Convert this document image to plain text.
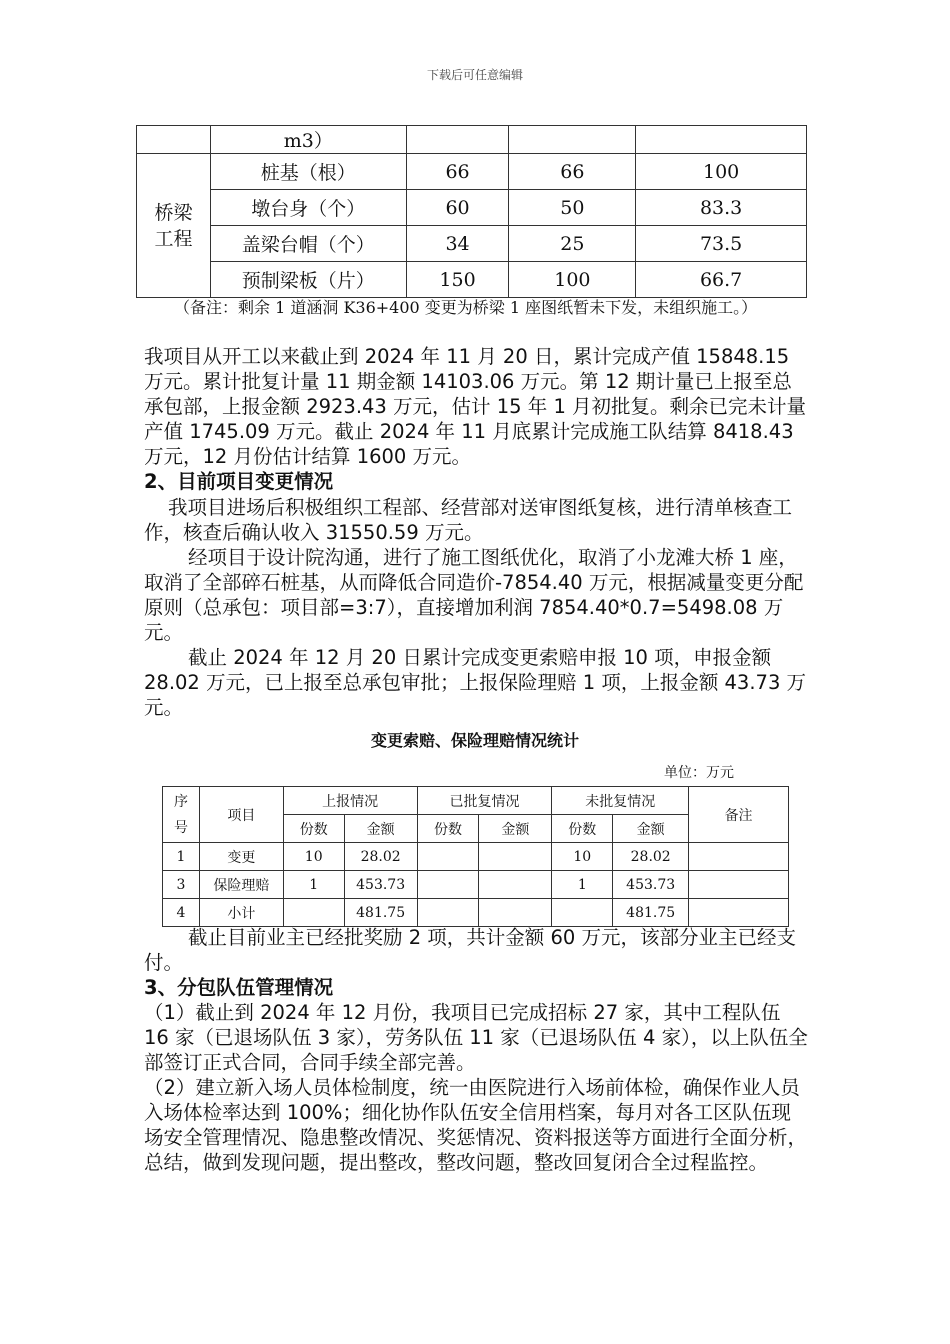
下载后可任意编辑
	m3）			

桥梁工程	桩基（根）	66	66	100
	墩台身（个）	60	50	83.3
	盖梁台帽（个）	34	25	73.5
	预制梁板（片）	150	100	66.7

（备注：剩余 1 道涵洞 K36+400 变更为桥梁 1 座图纸暂未下发，未组织施工。）

我项目从开工以来截止到 2024 年 11 月 20 日，累计完成产值 15848.15 万元。累计批复计量 11 期金额 14103.06 万元。第 12 期计量已上报至总承包部，上报金额 2923.43 万元，估计 15 年 1 月初批复。剩余已完未计量产值 1745.09 万元。截止 2024 年 11 月底累计完成施工队结算 8418.43 万元，12 月份估计结算 1600 万元。

2、目前项目变更情况

我项目进场后积极组织工程部、经营部对送审图纸复核，进行清单核查工作，核查后确认收入 31550.59 万元。

经项目于设计院沟通，进行了施工图纸优化，取消了小龙滩大桥 1 座，取消了全部碎石桩基，从而降低合同造价-7854.40 万元，根据减量变更分配原则（总承包：项目部=3:7），直接增加利润 7854.40*0.7=5498.08 万元。

截止 2024 年 12 月 20 日累计完成变更索赔申报 10 项，申报金额 28.02 万元，已上报至总承包审批；上报保险理赔 1 项，上报金额 43.73 万元。

变更索赔、保险理赔情况统计
单位：万元
序号	项目	上报情况		已批复情况		未批复情况		备注
		份数	金额	份数	金额	份数	金额	
1	变更	10	28.02			10	28.02	
3	保险理赔	1	453.73			1	453.73	
4	小计		481.75				481.75	

截止目前业主已经批奖励 2 项，共计金额 60 万元，该部分业主已经支付。

3、分包队伍管理情况

（1）截止到 2024 年 12 月份，我项目已完成招标 27 家，其中工程队伍 16 家（已退场队伍 3 家），劳务队伍 11 家（已退场队伍 4 家），以上队伍全部签订正式合同，合同手续全部完善。

（2）建立新入场人员体检制度，统一由医院进行入场前体检，确保作业人员入场体检率达到 100%；细化协作队伍安全信用档案，每月对各工区队伍现场安全管理情况、隐患整改情况、奖惩情况、资料报送等方面进行全面分析，总结，做到发现问题，提出整改，整改问题，整改回复闭合全过程监控。
